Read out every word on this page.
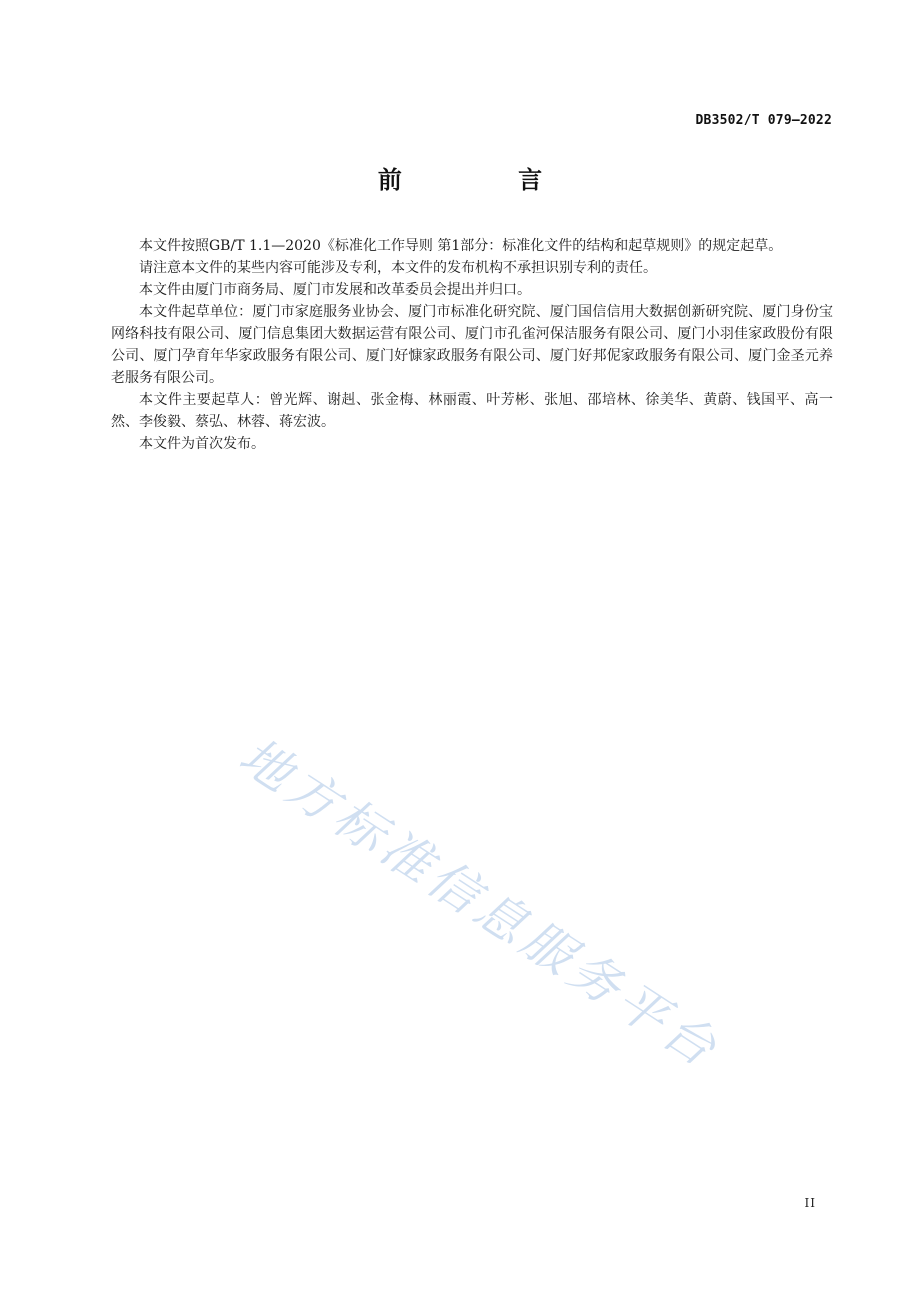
DB3502/T 079—2022
前 言

本文件按照GB/T 1.1—2020《标准化工作导则 第1部分：标准化文件的结构和起草规则》的规定起草。

请注意本文件的某些内容可能涉及专利，本文件的发布机构不承担识别专利的责任。

本文件由厦门市商务局、厦门市发展和改革委员会提出并归口。

本文件起草单位：厦门市家庭服务业协会、厦门市标准化研究院、厦门国信信用大数据创新研究院、厦门身份宝网络科技有限公司、厦门信息集团大数据运营有限公司、厦门市孔雀河保洁服务有限公司、厦门小羽佳家政股份有限公司、厦门孕育年华家政服务有限公司、厦门好慷家政服务有限公司、厦门好邦伲家政服务有限公司、厦门金圣元养老服务有限公司。

本文件主要起草人：曾光辉、谢赳、张金梅、林丽霞、叶芳彬、张旭、邵培林、徐美华、黄蔚、钱国平、高一然、李俊毅、蔡弘、林蓉、蒋宏波。

本文件为首次发布。

地方标准信息服务平台
II
